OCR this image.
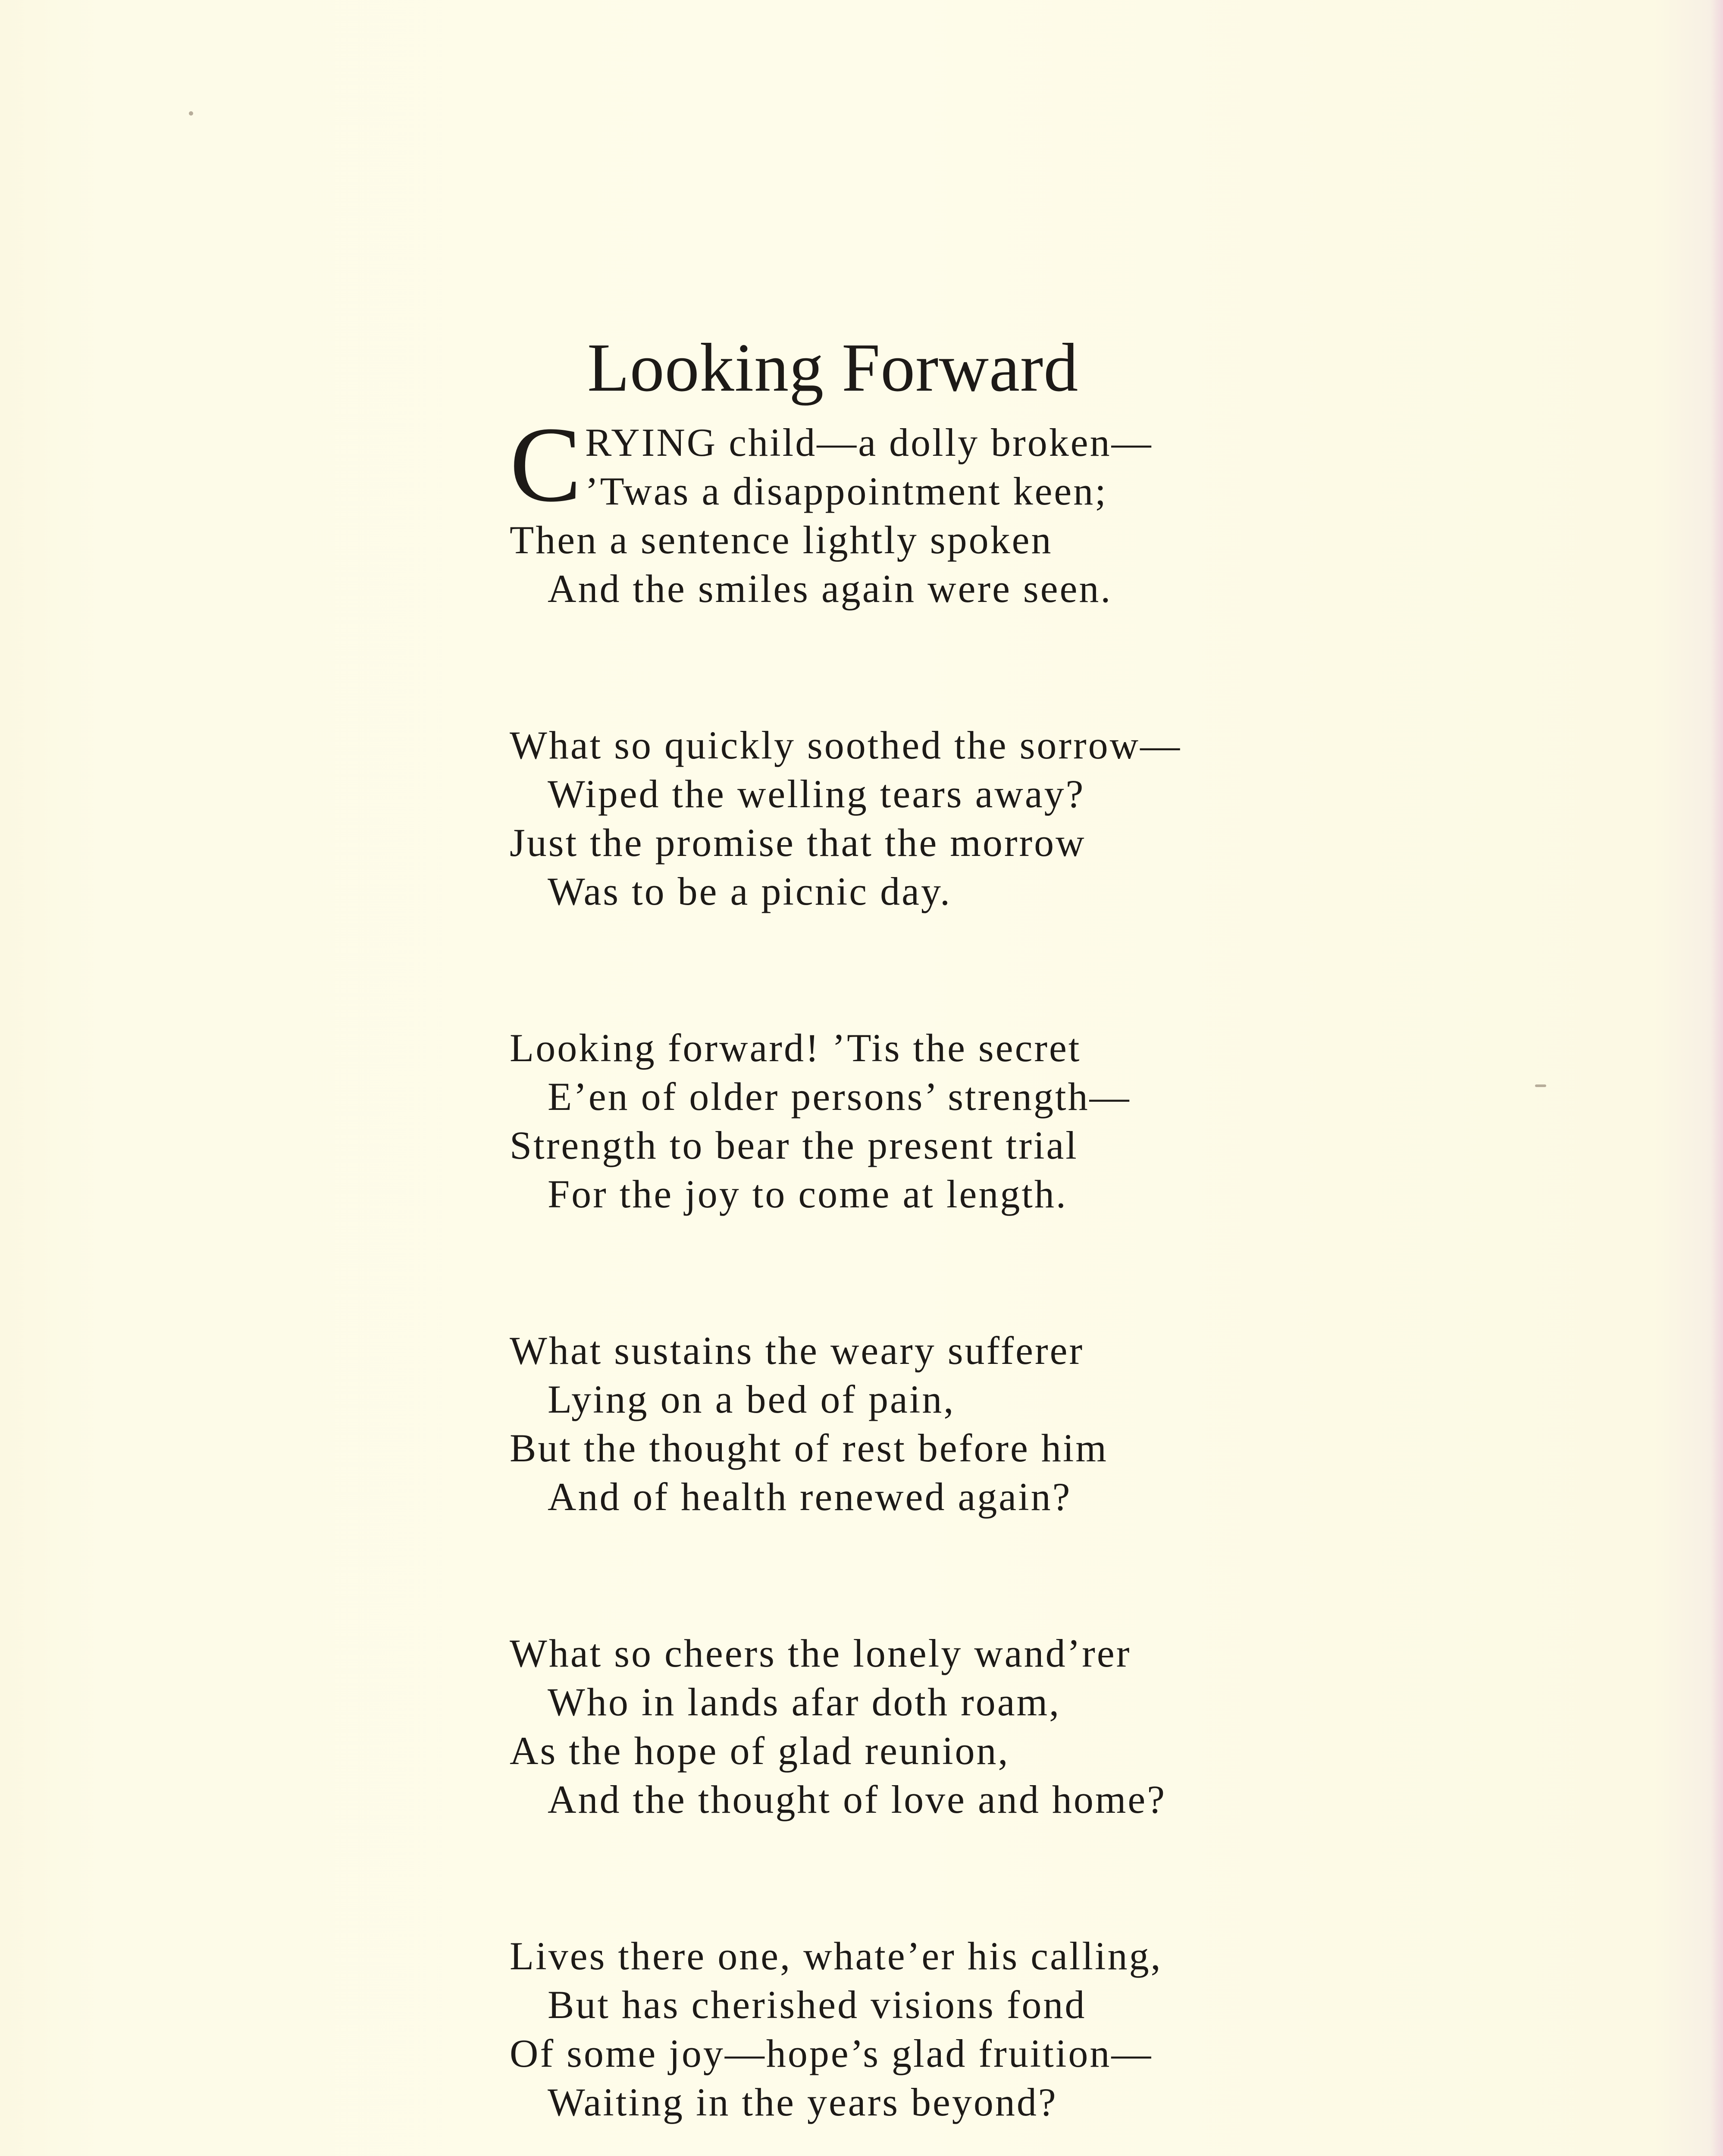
Looking Forward
C RYING child—a dolly broken—
’Twas a disappointment keen;
Then a sentence lightly spoken
And the smiles again were seen.
What so quickly soothed the sorrow—
Wiped the welling tears away?
Just the promise that the morrow
Was to be a picnic day.
Looking forward! ’Tis the secret
E’en of older persons’ strength—
Strength to bear the present trial
For the joy to come at length.
What sustains the weary sufferer
Lying on a bed of pain,
But the thought of rest before him
And of health renewed again?
What so cheers the lonely wand’rer
Who in lands afar doth roam,
As the hope of glad reunion,
And the thought of love and home?
Lives there one, whate’er his calling,
But has cherished visions fond
Of some joy—hope’s glad fruition—
Waiting in the years beyond?
